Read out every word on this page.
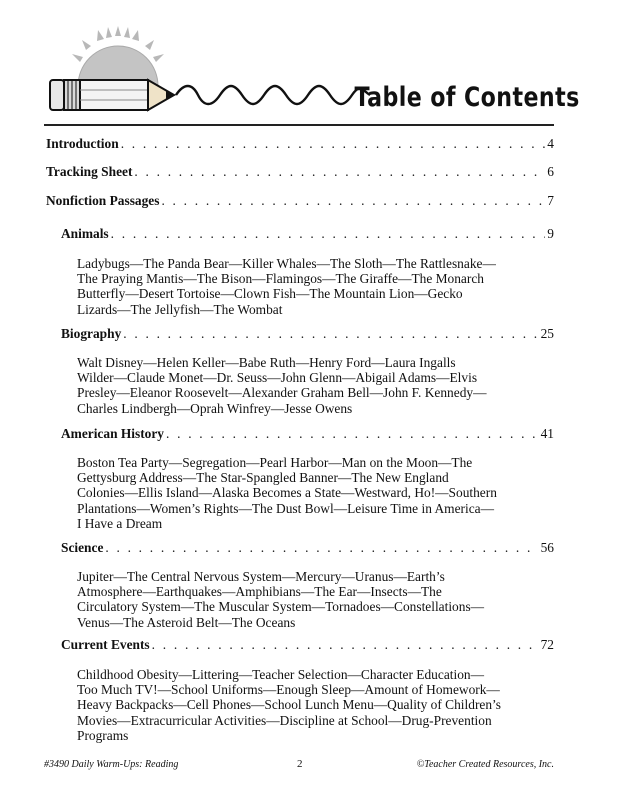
Table of Contents
Introduction . . .	4
Tracking Sheet . . .	6
Nonfiction Passages . . .	7
Animals . . .	9
Ladybugs—The Panda Bear—Killer Whales—The Sloth—The Rattlesnake—
The Praying Mantis—The Bison—Flamingos—The Giraffe—The Monarch
Butterfly—Desert Tortoise—Clown Fish—The Mountain Lion—Gecko
Lizards—The Jellyfish—The Wombat
Biography . . .	25
Walt Disney—Helen Keller—Babe Ruth—Henry Ford—Laura Ingalls
Wilder—Claude Monet—Dr. Seuss—John Glenn—Abigail Adams—Elvis
Presley—Eleanor Roosevelt—Alexander Graham Bell—John F. Kennedy—
Charles Lindbergh—Oprah Winfrey—Jesse Owens
American History . . .	41
Boston Tea Party—Segregation—Pearl Harbor—Man on the Moon—The
Gettysburg Address—The Star-Spangled Banner—The New England
Colonies—Ellis Island—Alaska Becomes a State—Westward, Ho!—Southern
Plantations—Women’s Rights—The Dust Bowl—Leisure Time in America—
I Have a Dream
Science . . .	56
Jupiter—The Central Nervous System—Mercury—Uranus—Earth’s
Atmosphere—Earthquakes—Amphibians—The Ear—Insects—The
Circulatory System—The Muscular System—Tornadoes—Constellations—
Venus—The Asteroid Belt—The Oceans
Current Events . . .	72
Childhood Obesity—Littering—Teacher Selection—Character Education—
Too Much TV!—School Uniforms—Enough Sleep—Amount of Homework—
Heavy Backpacks—Cell Phones—School Lunch Menu—Quality of Children’s
Movies—Extracurricular Activities—Discipline at School—Drug-Prevention
Programs
#3490 Daily Warm-Ups: Reading	2	©Teacher Created Resources, Inc.
